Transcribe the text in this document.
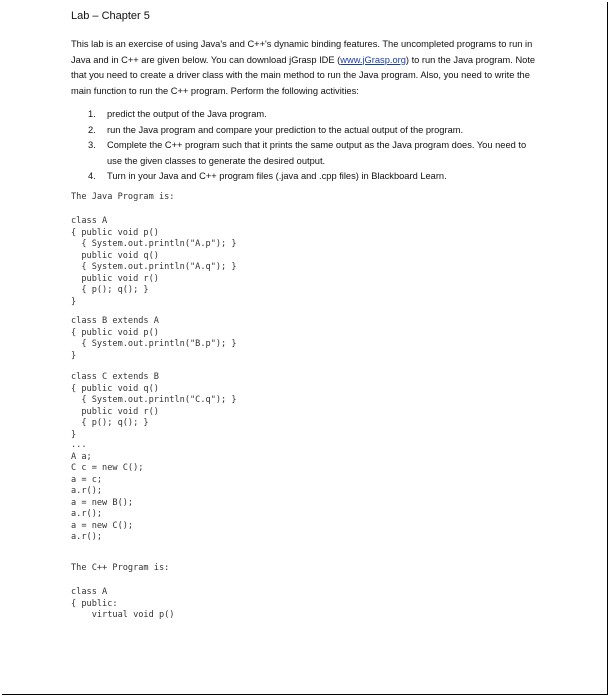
Lab – Chapter 5

This lab is an exercise of using Java's and C++'s dynamic binding features. The uncompleted programs to run in Java and in C++ are given below. You can download jGrasp IDE (www.jGrasp.org) to run the Java program. Note that you need to create a driver class with the main method to run the Java program. Also, you need to write the main function to run the C++ program. Perform the following activities:

1. predict the output of the Java program.
2. run the Java program and compare your prediction to the actual output of the program.
3. Complete the C++ program such that it prints the same output as the Java program does. You need to use the given classes to generate the desired output.
4. Turn in your Java and C++ program files (.java and .cpp files) in Blackboard Learn.
The Java Program is:
class A
{ public void p()
{ System.out.println("A.p"); }
public void q()
{ System.out.println("A.q"); }
public void r()
{ p(); q(); }
}
class B extends A
{ public void p()
{ System.out.println("B.p"); }
}
class C extends B
{ public void q()
{ System.out.println("C.q"); }
public void r()
{ p(); q(); }
}
...
A a;
C c = new C();
a = c;
a.r();
a = new B();
a.r();
a = new C();
a.r();
The C++ Program is:
class A
{ public:
virtual void p()
